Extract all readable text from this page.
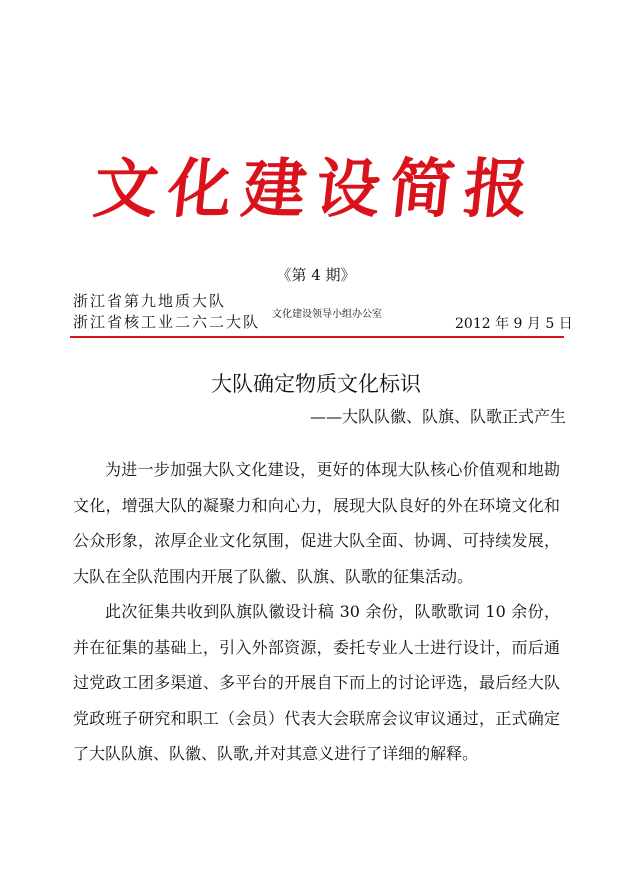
文化建设简报
《第 4 期》
浙江省第九地质大队
浙江省核工业二六二大队 文化建设领导小组办公室
2012 年 9 月 5 日
大队确定物质文化标识
——大队队徽、队旗、队歌正式产生

为进一步加强大队文化建设，更好的体现大队核心价值观和地勘文化，增强大队的凝聚力和向心力，展现大队良好的外在环境文化和公众形象，浓厚企业文化氛围，促进大队全面、协调、可持续发展，大队在全队范围内开展了队徽、队旗、队歌的征集活动。

此次征集共收到队旗队徽设计稿 30 余份，队歌歌词 10 余份，并在征集的基础上，引入外部资源，委托专业人士进行设计，而后通过党政工团多渠道、多平台的开展自下而上的讨论评选，最后经大队党政班子研究和职工（会员）代表大会联席会议审议通过，正式确定了大队队旗、队徽、队歌,并对其意义进行了详细的解释。
